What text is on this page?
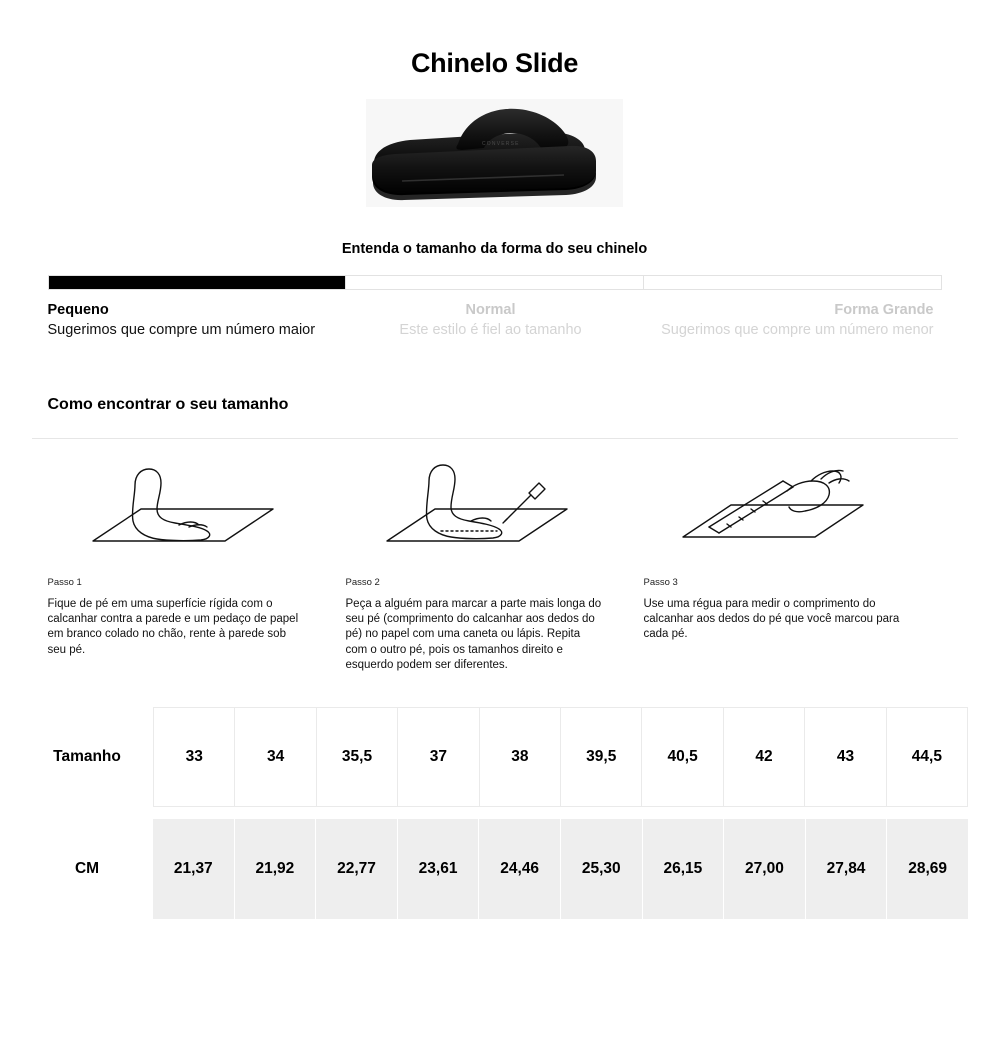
Chinelo Slide
CONVERSE
Entenda o tamanho da forma do seu chinelo
Pequeno
Sugerimos que compre um número maior
Normal
Este estilo é fiel ao tamanho
Forma Grande
Sugerimos que compre um número menor
Como encontrar o seu tamanho
Passo 1
Fique de pé em uma superfície rígida com o calcanhar contra a parede e um pedaço de papel em branco colado no chão, rente à parede sob seu pé.
Passo 2
Peça a alguém para marcar a parte mais longa do seu pé (comprimento do calcanhar aos dedos do pé) no papel com uma caneta ou lápis. Repita com o outro pé, pois os tamanhos direito e esquerdo podem ser diferentes.
Passo 3
Use uma régua para medir o comprimento do calcanhar aos dedos do pé que você marcou para cada pé.
Tamanho	33	34	35,5	37	38	39,5	40,5	42	43	44,5
CM	21,37	21,92	22,77	23,61	24,46	25,30	26,15	27,00	27,84	28,69
